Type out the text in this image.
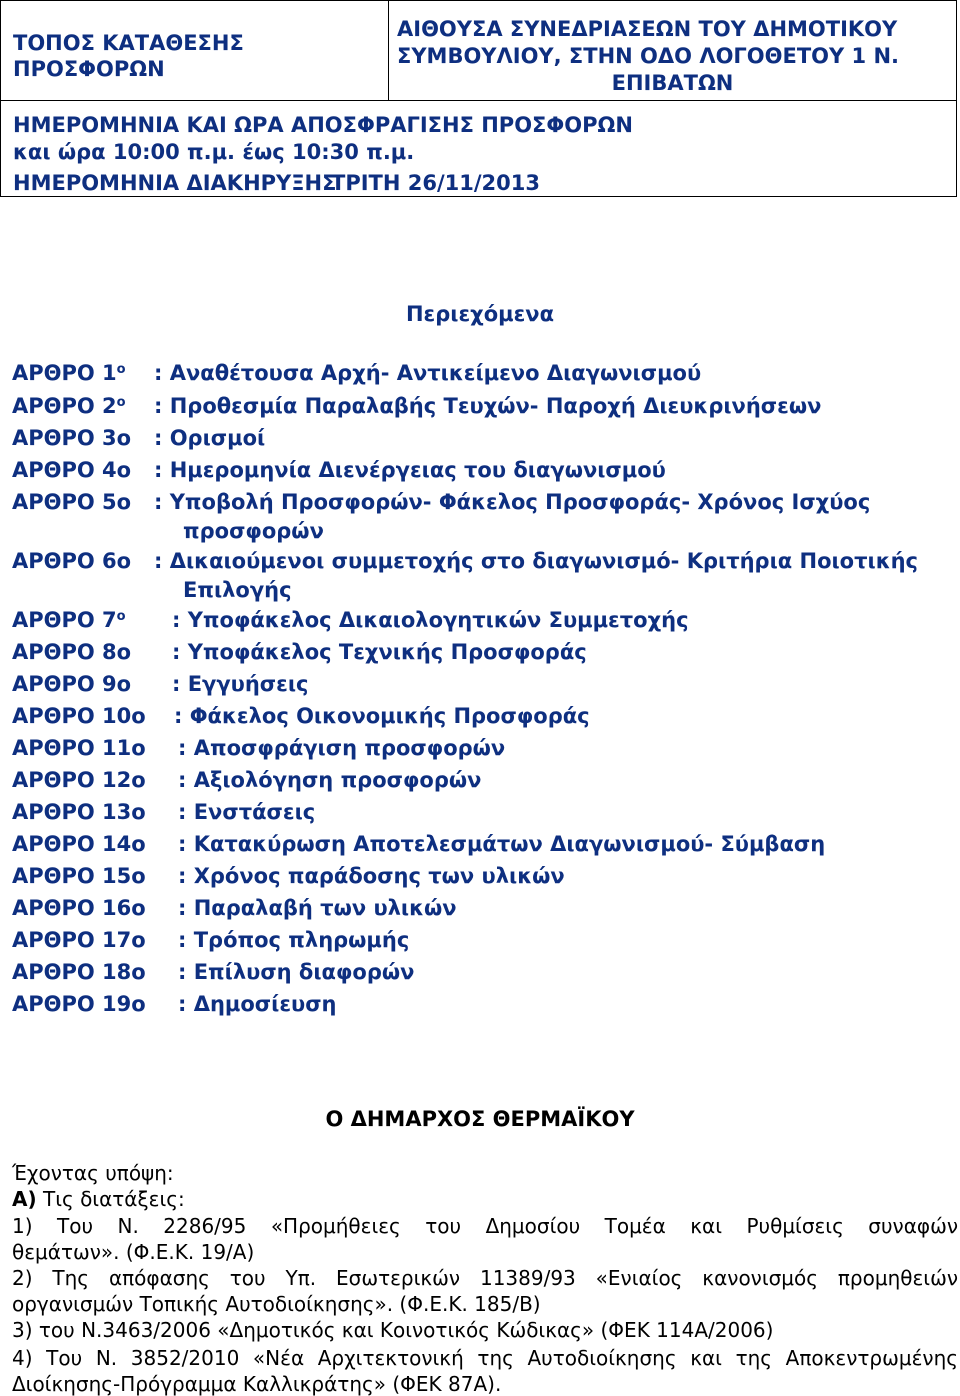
ΤΟΠΟΣ ΚΑΤΑΘΕΣΗΣ
ΠΡΟΣΦΟΡΩΝ
ΑΙΘΟΥΣΑ ΣΥΝΕΔΡΙΑΣΕΩΝ ΤΟΥ ΔΗΜΟΤΙΚΟΥ
ΣΥΜΒΟΥΛΙΟΥ, ΣΤΗΝ ΟΔΟ ΛΟΓΟΘΕΤΟΥ 1 Ν.
ΕΠΙΒΑΤΩΝ
ΗΜΕΡΟΜΗΝΙΑ ΚΑΙ ΩΡΑ ΑΠΟΣΦΡΑΓΙΣΗΣ ΠΡΟΣΦΟΡΩΝ
και ώρα 10:00 π.μ. έως 10:30 π.μ.
ΗΜΕΡΟΜΗΝΙΑ ΔΙΑΚΗΡΥΞΗΣ
ΤΡΙΤΗ 26/11/2013
Περιεχόμενα
ΑΡΘΡΟ $1^o$ : Αναθέτουσα Αρχή- Αντικείμενο Διαγωνισμού
ΑΡΘΡΟ $2^o$ : Προθεσμία Παραλαβής Τευχών- Παροχή Διευκρινήσεων
ΑΡΘΡΟ 3ο : Ορισμοί
ΑΡΘΡΟ 4ο : Ημερομηνία Διενέργειας του διαγωνισμού
ΑΡΘΡΟ 5ο : Υποβολή Προσφορών- Φάκελος Προσφοράς- Χρόνος Ισχύος
προσφορών
ΑΡΘΡΟ 6ο : Δικαιούμενοι συμμετοχής στο διαγωνισμό- Κριτήρια Ποιοτικής
Επιλογής
ΑΡΘΡΟ $7^o$ : Υποφάκελος Δικαιολογητικών Συμμετοχής
ΑΡΘΡΟ 8ο : Υποφάκελος Τεχνικής Προσφοράς
ΑΡΘΡΟ 9ο : Εγγυήσεις
ΑΡΘΡΟ 10ο : Φάκελος Οικονομικής Προσφοράς
ΑΡΘΡΟ 11ο : Αποσφράγιση προσφορών
ΑΡΘΡΟ 12ο : Αξιολόγηση προσφορών
ΑΡΘΡΟ 13ο : Ενστάσεις
ΑΡΘΡΟ 14ο : Κατακύρωση Αποτελεσμάτων Διαγωνισμού- Σύμβαση
ΑΡΘΡΟ 15ο : Χρόνος παράδοσης των υλικών
ΑΡΘΡΟ 16ο : Παραλαβή των υλικών
ΑΡΘΡΟ 17ο : Τρόπος πληρωμής
ΑΡΘΡΟ 18ο : Επίλυση διαφορών
ΑΡΘΡΟ 19ο : Δημοσίευση
Ο ΔΗΜΑΡΧΟΣ ΘΕΡΜΑΪΚΟΥ
Έχοντας υπόψη:
Α) Τις διατάξεις:
1) Του Ν. 2286/95 «Προμήθειες του Δημοσίου Τομέα και Ρυθμίσεις συναφών
θεμάτων». (Φ.Ε.Κ. 19/Α)
2) Της απόφασης του Υπ. Εσωτερικών 11389/93 «Ενιαίος κανονισμός προμηθειών
οργανισμών Τοπικής Αυτοδιοίκησης». (Φ.Ε.Κ. 185/Β)
3) του Ν.3463/2006 «Δημοτικός και Κοινοτικός Κώδικας» (ΦΕΚ 114Α/2006)
4) Του Ν. 3852/2010 «Νέα Αρχιτεκτονική της Αυτοδιοίκησης και της Αποκεντρωμένης
Διοίκησης-Πρόγραμμα Καλλικράτης» (ΦΕΚ 87Α).
